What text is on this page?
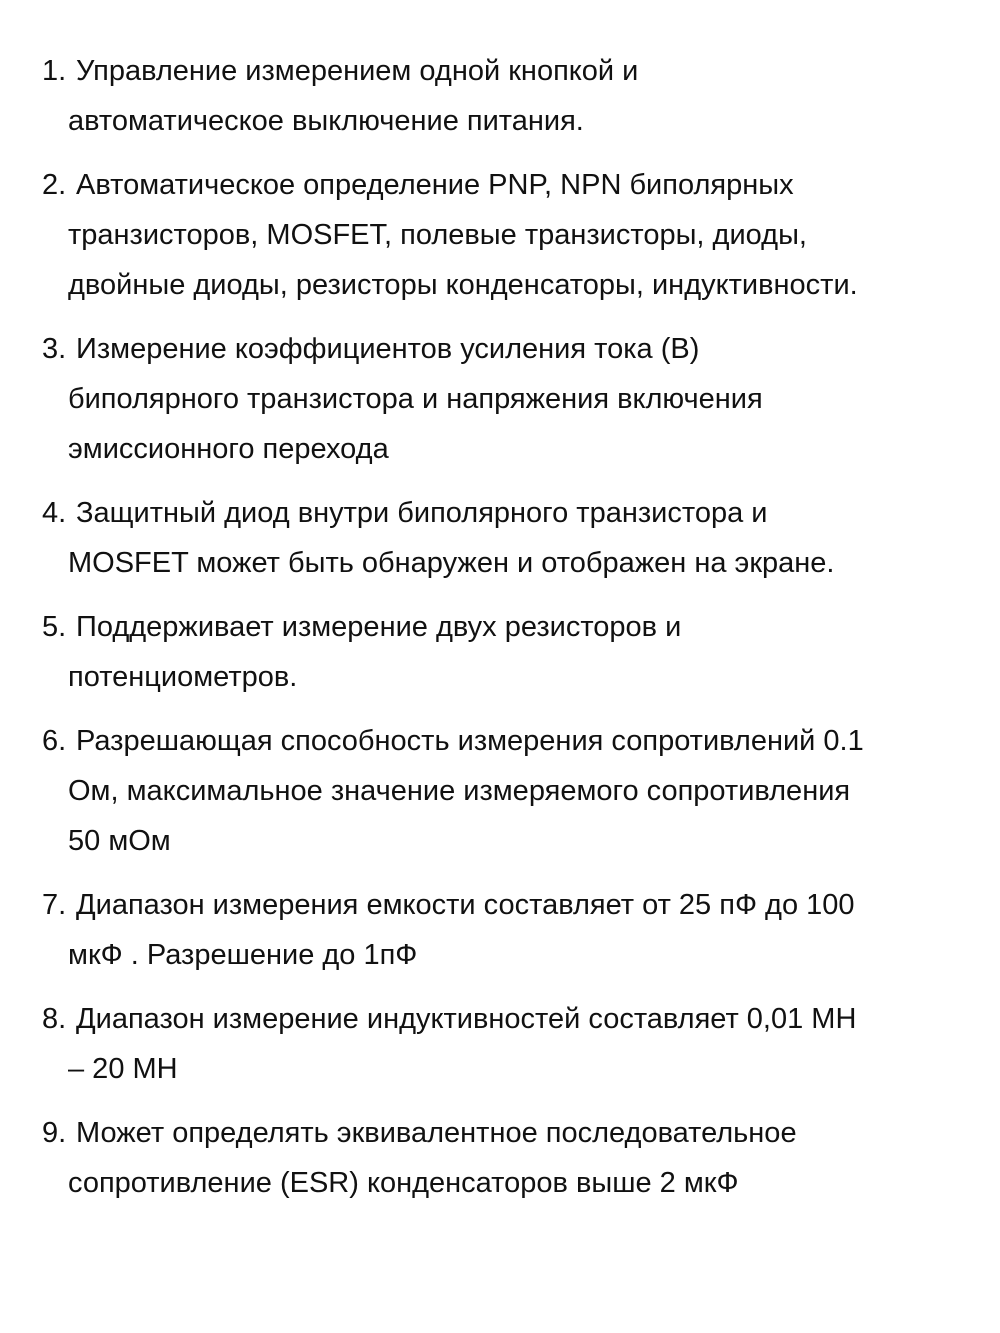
1. Управление измерением одной кнопкой и
автоматическое выключение питания.
2. Автоматическое определение PNP, NPN биполярных
транзисторов, MOSFET, полевые транзисторы, диоды,
двойные диоды, резисторы конденсаторы, индуктивности.
3. Измерение коэффициентов усиления тока (B)
биполярного транзистора и напряжения включения
эмиссионного перехода
4. Защитный диод внутри биполярного транзистора и
MOSFET может быть обнаружен и отображен на экране.
5. Поддерживает измерение двух резисторов и
потенциометров.
6. Разрешающая способность измерения сопротивлений 0.1
Ом, максимальное значение измеряемого сопротивления
50 мОм
7. Диапазон измерения емкости составляет от 25 пФ до 100
мкФ . Разрешение до 1пФ
8. Диапазон измерение индуктивностей составляет 0,01 МН
– 20 МН
9. Может определять эквивалентное последовательное
сопротивление (ESR) конденсаторов выше 2 мкФ
